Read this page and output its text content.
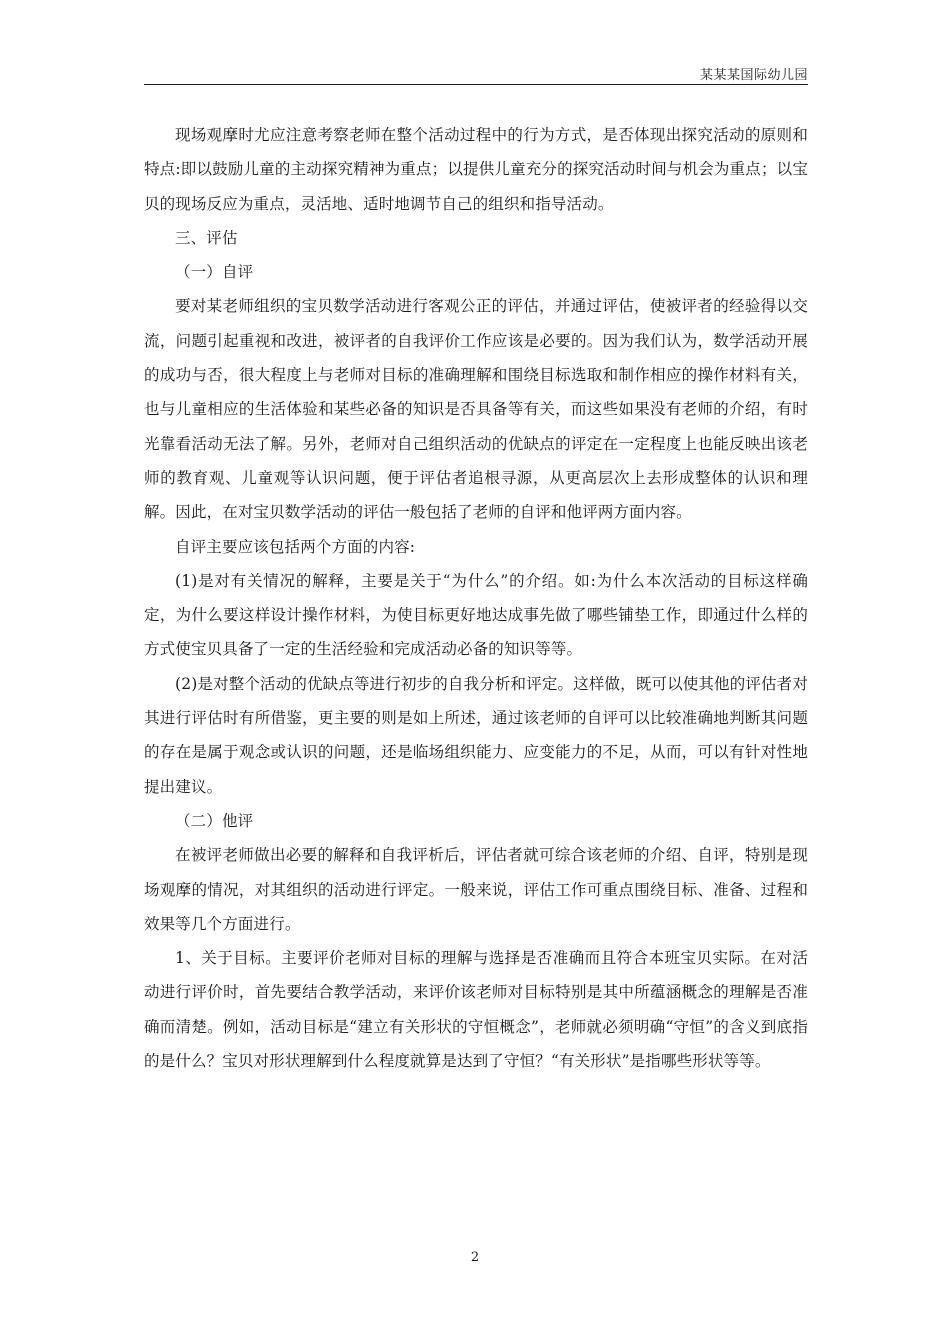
某某某国际幼儿园

现场观摩时尤应注意考察老师在整个活动过程中的行为方式，是否体现出探究活动的原则和特点:即以鼓励儿童的主动探究精神为重点；以提供儿童充分的探究活动时间与机会为重点；以宝贝的现场反应为重点，灵活地、适时地调节自己的组织和指导活动。

三、评估

（一）自评

要对某老师组织的宝贝数学活动进行客观公正的评估，并通过评估，使被评者的经验得以交流，问题引起重视和改进，被评者的自我评价工作应该是必要的。因为我们认为，数学活动开展的成功与否，很大程度上与老师对目标的准确理解和围绕目标选取和制作相应的操作材料有关，也与儿童相应的生活体验和某些必备的知识是否具备等有关，而这些如果没有老师的介绍，有时光靠看活动无法了解。另外，老师对自己组织活动的优缺点的评定在一定程度上也能反映出该老师的教育观、儿童观等认识问题，便于评估者追根寻源，从更高层次上去形成整体的认识和理解。因此，在对宝贝数学活动的评估一般包括了老师的自评和他评两方面内容。

自评主要应该包括两个方面的内容:

(1)是对有关情况的解释，主要是关于“为什么”的介绍。如:为什么本次活动的目标这样确定，为什么要这样设计操作材料，为使目标更好地达成事先做了哪些铺垫工作，即通过什么样的方式使宝贝具备了一定的生活经验和完成活动必备的知识等等。

(2)是对整个活动的优缺点等进行初步的自我分析和评定。这样做，既可以使其他的评估者对其进行评估时有所借鉴，更主要的则是如上所述，通过该老师的自评可以比较准确地判断其问题的存在是属于观念或认识的问题，还是临场组织能力、应变能力的不足，从而，可以有针对性地提出建议。

（二）他评

在被评老师做出必要的解释和自我评析后，评估者就可综合该老师的介绍、自评，特别是现场观摩的情况，对其组织的活动进行评定。一般来说，评估工作可重点围绕目标、准备、过程和效果等几个方面进行。

1、关于目标。主要评价老师对目标的理解与选择是否准确而且符合本班宝贝实际。在对活动进行评价时，首先要结合教学活动，来评价该老师对目标特别是其中所蕴涵概念的理解是否准确而清楚。例如，活动目标是“建立有关形状的守恒概念”，老师就必须明确“守恒”的含义到底指的是什么？宝贝对形状理解到什么程度就算是达到了守恒？“有关形状”是指哪些形状等等。

2
